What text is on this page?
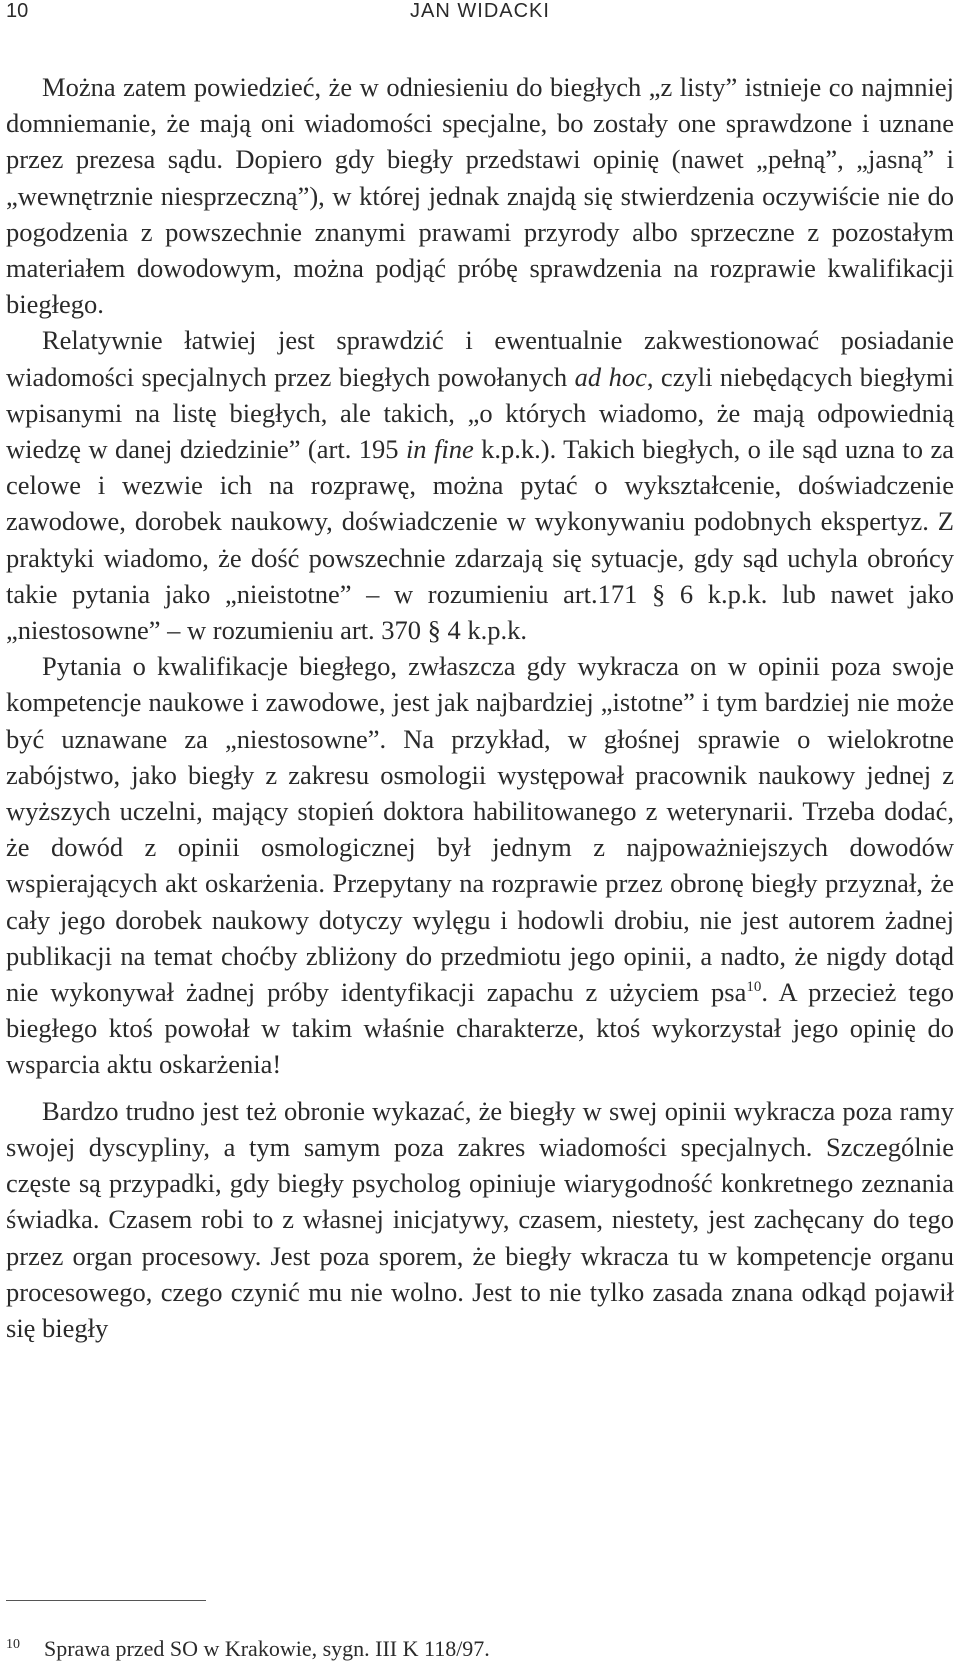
10	JAN WIDACKI

Można zatem powiedzieć, że w odniesieniu do biegłych „z listy” istnieje co najmniej domniemanie, że mają oni wiadomości specjalne, bo zostały one sprawdzone i uznane przez prezesa sądu. Dopiero gdy biegły przedstawi opinię (nawet „pełną”, „jasną” i „wewnętrznie niesprzeczną”), w której jednak znajdą się stwierdzenia oczywiście nie do pogodzenia z powszechnie znanymi prawami przyrody albo sprzeczne z pozostałym materiałem dowodowym, można podjąć próbę sprawdzenia na rozprawie kwalifikacji biegłego.

Relatywnie łatwiej jest sprawdzić i ewentualnie zakwestionować posiadanie wiadomości specjalnych przez biegłych powołanych ad hoc, czyli niebędących biegłymi wpisanymi na listę biegłych, ale takich, „o których wiadomo, że mają odpowiednią wiedzę w danej dziedzinie” (art. 195 in fine k.p.k.). Takich biegłych, o ile sąd uzna to za celowe i wezwie ich na rozprawę, można pytać o wykształcenie, doświadczenie zawodowe, dorobek naukowy, doświadczenie w wykonywaniu podobnych ekspertyz. Z praktyki wiadomo, że dość powszechnie zdarzają się sytuacje, gdy sąd uchyla obrońcy takie pytania jako „nieistotne” – w rozumieniu art.171 § 6 k.p.k. lub nawet jako „niestosowne” – w rozumieniu art. 370 § 4 k.p.k.

Pytania o kwalifikacje biegłego, zwłaszcza gdy wykracza on w opinii poza swoje kompetencje naukowe i zawodowe, jest jak najbardziej „istotne” i tym bardziej nie może być uznawane za „niestosowne”. Na przykład, w głośnej sprawie o wielokrotne zabójstwo, jako biegły z zakresu osmologii występował pracownik naukowy jednej z wyższych uczelni, mający stopień doktora habilitowanego z weterynarii. Trzeba dodać, że dowód z opinii osmologicznej był jednym z najpoważniejszych dowodów wspierających akt oskarżenia. Przepytany na rozprawie przez obronę biegły przyznał, że cały jego dorobek naukowy dotyczy wylęgu i hodowli drobiu, nie jest autorem żadnej publikacji na temat choćby zbliżony do przedmiotu jego opinii, a nadto, że nigdy dotąd nie wykonywał żadnej próby identyfikacji zapachu z użyciem psa$^{10}$. A przecież tego biegłego ktoś powołał w takim właśnie charakterze, ktoś wykorzystał jego opinię do wsparcia aktu oskarżenia!

Bardzo trudno jest też obronie wykazać, że biegły w swej opinii wykracza poza ramy swojej dyscypliny, a tym samym poza zakres wiadomości specjalnych. Szczególnie częste są przypadki, gdy biegły psycholog opiniuje wiarygodność konkretnego zeznania świadka. Czasem robi to z własnej inicjatywy, czasem, niestety, jest zachęcany do tego przez organ procesowy. Jest poza sporem, że biegły wkracza tu w kompetencje organu procesowego, czego czynić mu nie wolno. Jest to nie tylko zasada znana odkąd pojawił się biegły

10 Sprawa przed SO w Krakowie, sygn. III K 118/97.
